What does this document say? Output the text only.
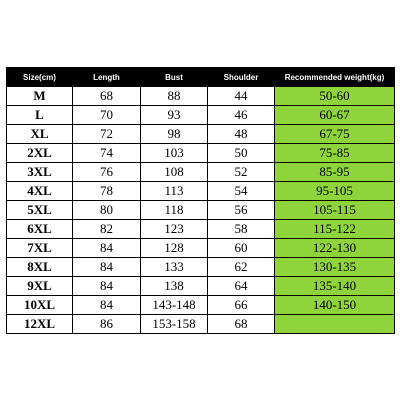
Size(cm)	Length	Bust	Shoulder	Recommended weight(kg)
M	68	88	44	50-60
L	70	93	46	60-67
XL	72	98	48	67-75
2XL	74	103	50	75-85
3XL	76	108	52	85-95
4XL	78	113	54	95-105
5XL	80	118	56	105-115
6XL	82	123	58	115-122
7XL	84	128	60	122-130
8XL	84	133	62	130-135
9XL	84	138	64	135-140
10XL	84	143-148	66	140-150
12XL	86	153-158	68	
